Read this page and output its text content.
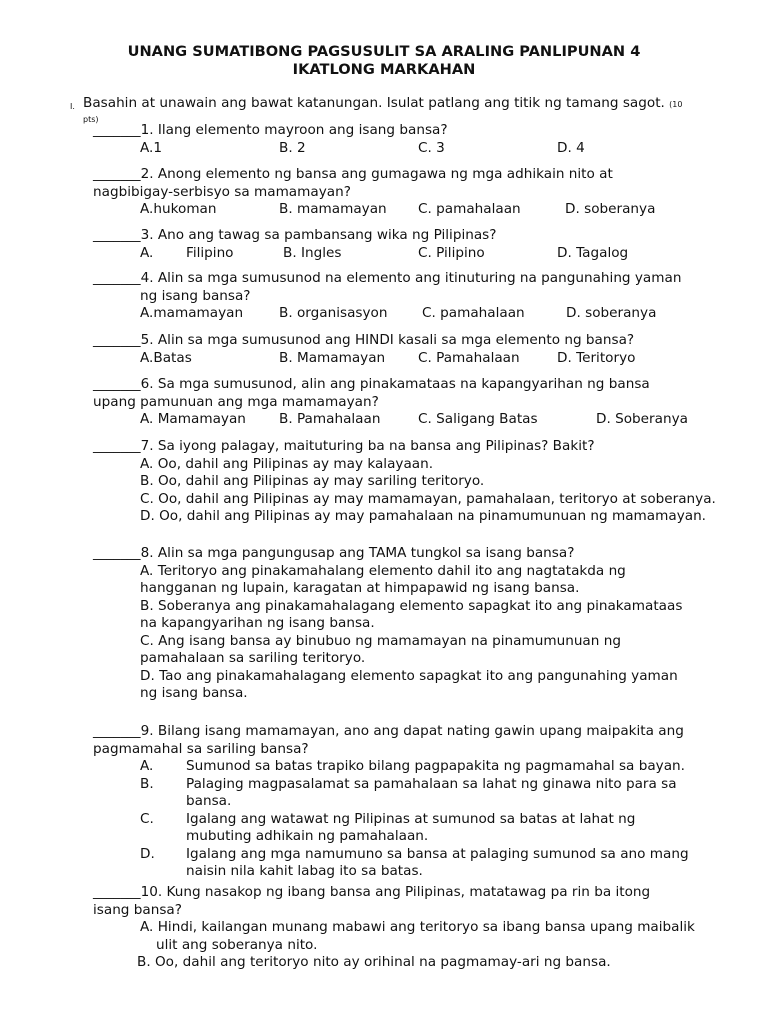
UNANG SUMATIBONG PAGSUSULIT SA ARALING PANLIPUNAN 4
IKATLONG MARKAHAN
I. Basahin at unawain ang bawat katanungan. Isulat patlang ang titik ng tamang sagot. (10
pts)
_______1. Ilang elemento mayroon ang isang bansa?
A.1	B. 2	C. 3	D. 4
_______2. Anong elemento ng bansa ang gumagawa ng mga adhikain nito at
nagbibigay-serbisyo sa mamamayan?
A.hukoman	B. mamamayan C. pamahalaan	D. soberanya
_______3. Ano ang tawag sa pambansang wika ng Pilipinas?
A. Filipino	B. Ingles	C. Pilipino	D. Tagalog
_______4. Alin sa mga sumusunod na elemento ang itinuturing na pangunahing yaman
ng isang bansa?
A.mamamayan	B. organisasyon	C. pamahalaan	D. soberanya
_______5. Alin sa mga sumusunod ang HINDI kasali sa mga elemento ng bansa?
A.Batas	B. Mamamayan C. Pamahalaan	D. Teritoryo
_______6. Sa mga sumusunod, alin ang pinakamataas na kapangyarihan ng bansa
upang pamunuan ang mga mamamayan?
A. Mamamayan B. Pamahalaan	C. Saligang Batas	D. Soberanya
_______7. Sa iyong palagay, maituturing ba na bansa ang Pilipinas? Bakit?
A. Oo, dahil ang Pilipinas ay may kalayaan.
B. Oo, dahil ang Pilipinas ay may sariling teritoryo.
C. Oo, dahil ang Pilipinas ay may mamamayan, pamahalaan, teritoryo at soberanya.
D. Oo, dahil ang Pilipinas ay may pamahalaan na pinamumunuan ng mamamayan.
_______8. Alin sa mga pangungusap ang TAMA tungkol sa isang bansa?
A. Teritoryo ang pinakamahalang elemento dahil ito ang nagtatakda ng
hangganan ng lupain, karagatan at himpapawid ng isang bansa.
B. Soberanya ang pinakamahalagang elemento sapagkat ito ang pinakamataas
na kapangyarihan ng isang bansa.
C. Ang isang bansa ay binubuo ng mamamayan na pinamumunuan ng
pamahalaan sa sariling teritoryo.
D. Tao ang pinakamahalagang elemento sapagkat ito ang pangunahing yaman
ng isang bansa.
_______9. Bilang isang mamamayan, ano ang dapat nating gawin upang maipakita ang
pagmamahal sa sariling bansa?
A.	Sumunod sa batas trapiko bilang pagpapakita ng pagmamahal sa bayan.
B.	Palaging magpasalamat sa pamahalaan sa lahat ng ginawa nito para sa
bansa.
C.	Igalang ang watawat ng Pilipinas at sumunod sa batas at lahat ng
mubuting adhikain ng pamahalaan.
D.	Igalang ang mga namumuno sa bansa at palaging sumunod sa ano mang
naisin nila kahit labag ito sa batas.
_______10. Kung nasakop ng ibang bansa ang Pilipinas, matatawag pa rin ba itong
isang bansa?
A. Hindi, kailangan munang mabawi ang teritoryo sa ibang bansa upang maibalik
ulit ang soberanya nito.
B. Oo, dahil ang teritoryo nito ay orihinal na pagmamay-ari ng bansa.
